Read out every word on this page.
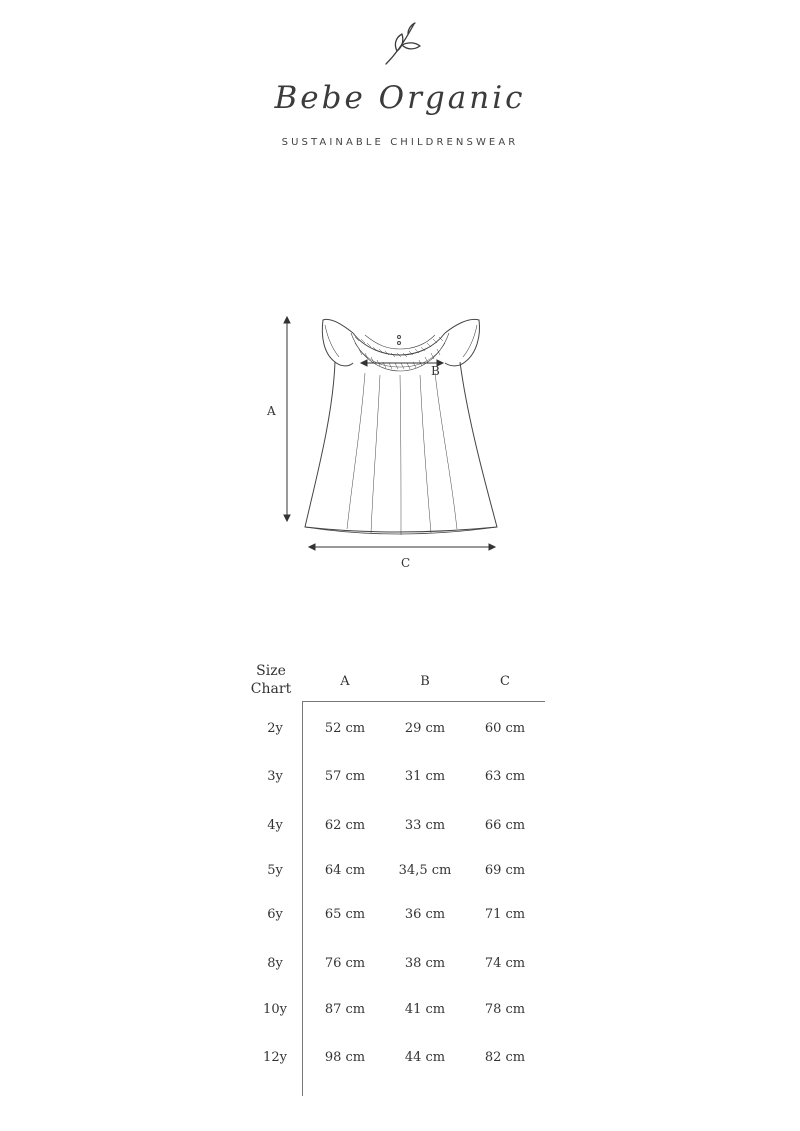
Bebe Organic
SUSTAINABLE CHILDRENSWEAR
A
B
C
Size
Chart	A	B	C
2y	52 cm	29 cm	60 cm
3y	57 cm	31 cm	63 cm
4y	62 cm	33 cm	66 cm
5y	64 cm	34,5 cm	69 cm
6y	65 cm	36 cm	71 cm
8y	76 cm	38 cm	74 cm
10y	87 cm	41 cm	78 cm
12y	98 cm	44 cm	82 cm
